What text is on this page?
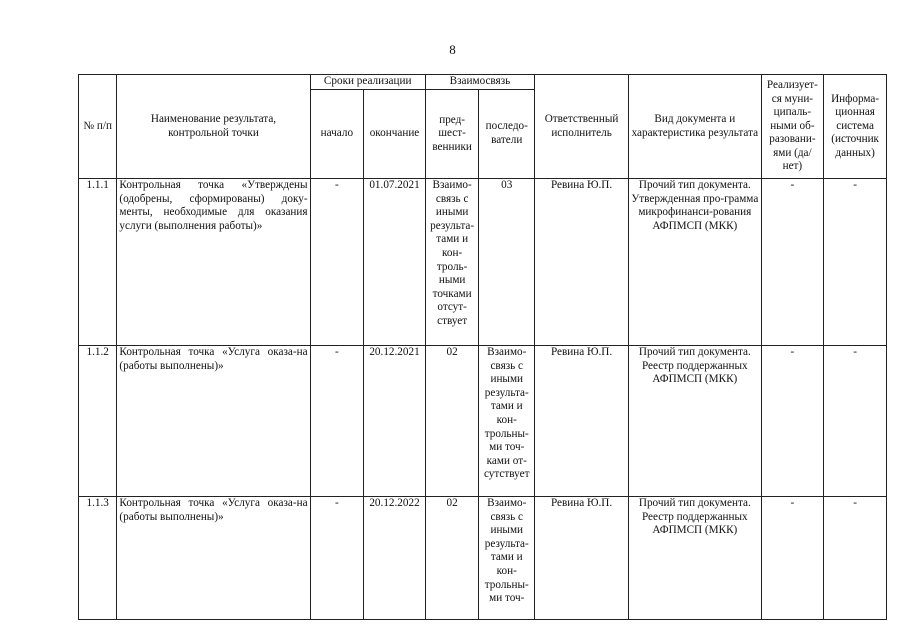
8
№ п/п	Наименование результата, контрольной точки	Сроки реализации		Взаимосвязь		Ответственный исполнитель	Вид документа и характеристика результата	Реализует-ся муни-ципаль-ными об-разовани-ями (да/нет)	Информа-ционная система (источник данных)
		начало	окончание	пред-шест-венники	последо-ватели				
1.1.1	Контрольная точка «Утверждены (одобрены, сформированы) доку-менты, необходимые для оказания услуги (выполнения работы)»	-	01.07.2021	Взаимо-связь с иными результа-тами и кон-троль-ными точками отсут-ствует	03	Ревина Ю.П.	Прочий тип документа. Утвержденная про-грамма микрофинанси-рования АФПМСП (МКК)	-	-
1.1.2	Контрольная точка «Услуга оказа-на (работы выполнены)»	-	20.12.2021	02	Взаимо-связь с иными результа-тами и кон-трольны-ми точ-ками от-сутствует	Ревина Ю.П.	Прочий тип документа. Реестр поддержанных АФПМСП (МКК)	-	-
1.1.3	Контрольная точка «Услуга оказа-на (работы выполнены)»	-	20.12.2022	02	Взаимо-связь с иными результа-тами и кон-трольны-ми точ-	Ревина Ю.П.	Прочий тип документа. Реестр поддержанных АФПМСП (МКК)	-	-
